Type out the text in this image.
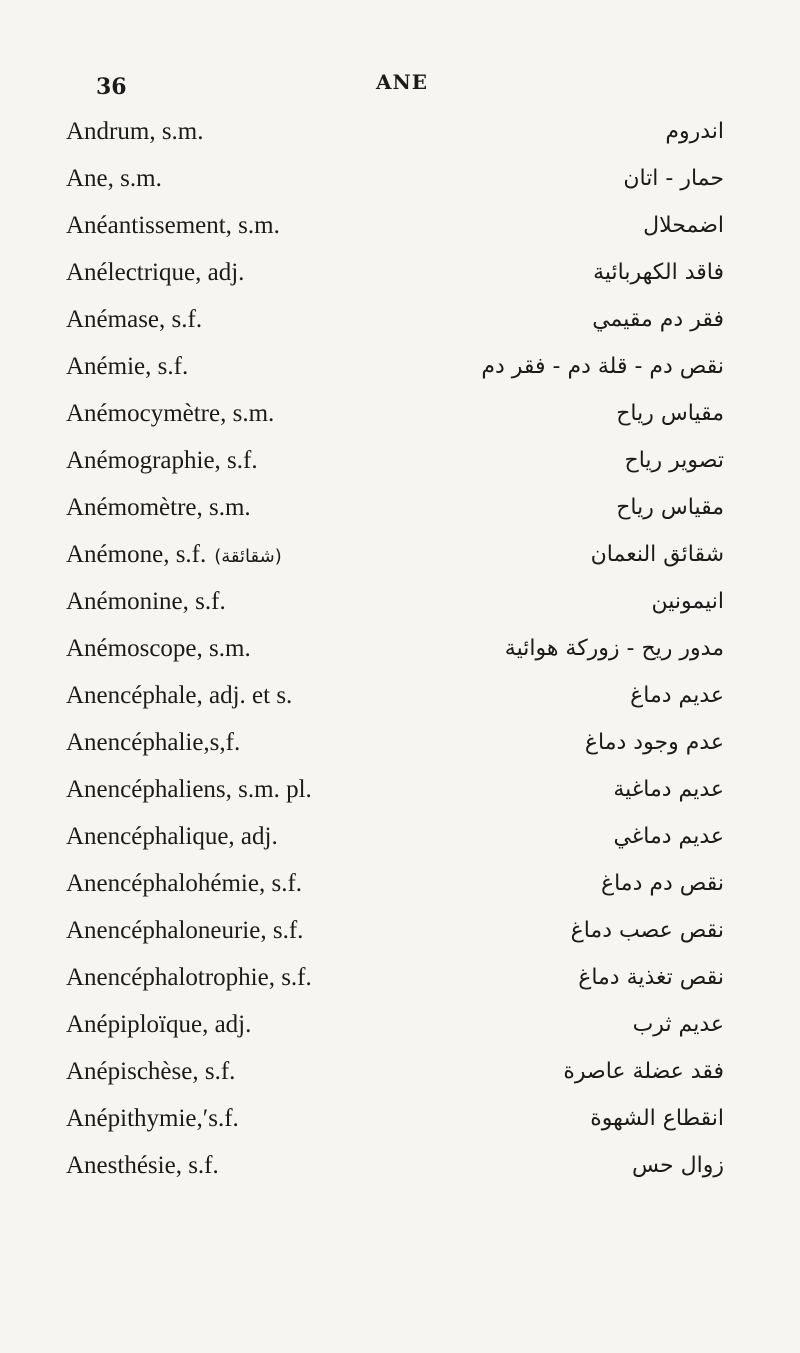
36	ANE
Andrum, s.m.	اندروم
Ane, s.m.	حمار - اتان
Anéantissement, s.m.	اضمحلال
Anélectrique, adj.	فاقد الكهربائية
Anémase, s.f.	فقر دم مقيمي
Anémie, s.f.	نقص دم - قلة دم - فقر دم
Anémocymètre, s.m.	مقياس رياح
Anémographie, s.f.	تصوير رياح
Anémomètre, s.m.	مقياس رياح
Anémone, s.f. (شقائقة)	شقائق النعمان
Anémonine, s.f.	انيمونين
Anémoscope, s.m.	مدور ريح - زوركة هوائية
Anencéphale, adj. et s.	عديم دماغ
Anencéphalie,s,f.	عدم وجود دماغ
Anencéphaliens, s.m. pl.	عديم دماغية
Anencéphalique, adj.	عديم دماغي
Anencéphalohémie, s.f.	نقص دم دماغ
Anencéphaloneurie, s.f.	نقص عصب دماغ
Anencéphalotrophie, s.f.	نقص تغذية دماغ
Anépiploïque, adj.	عديم ثرب
Anépischèse, s.f.	فقد عضلة عاصرة
Anépithymie,ʹs.f.	انقطاع الشهوة
Anesthésie, s.f.	زوال حس
